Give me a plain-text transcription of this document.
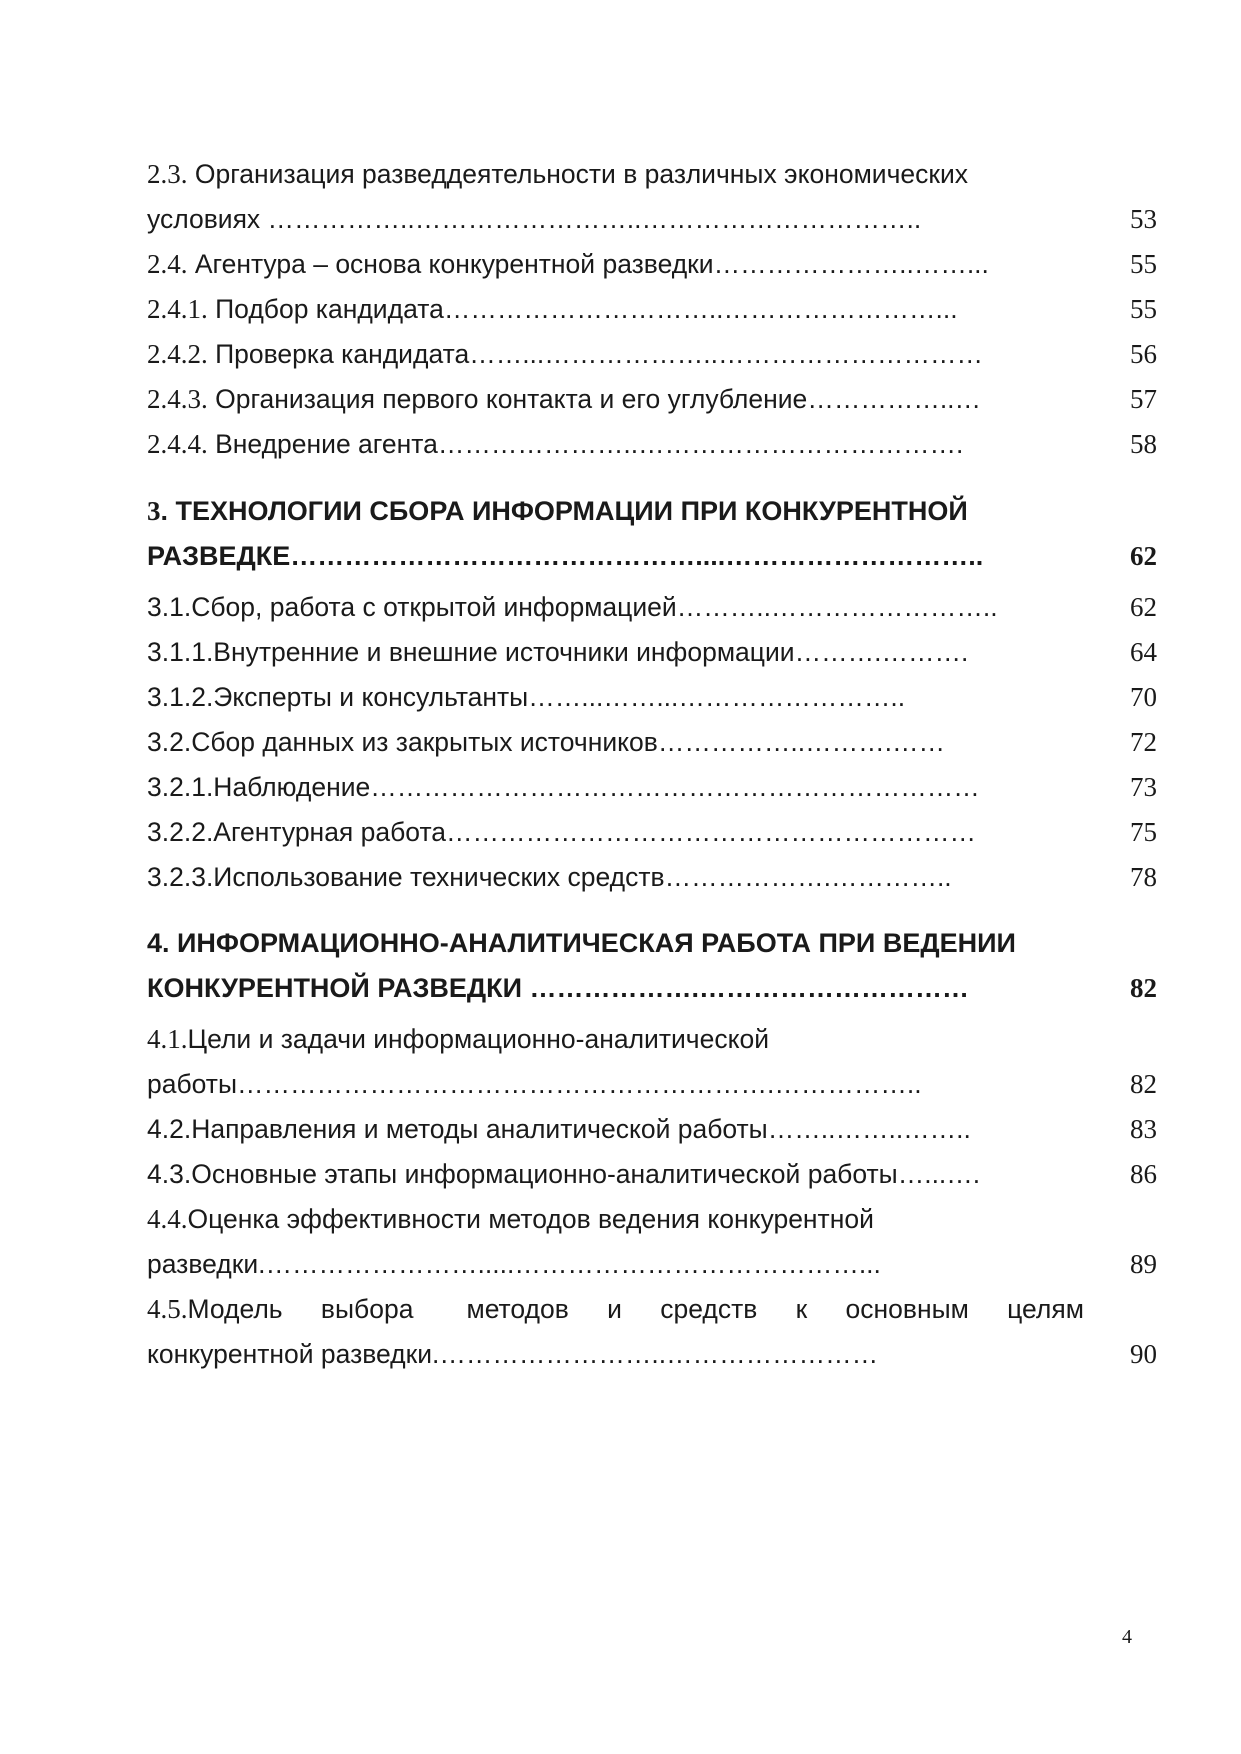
2.3. Организация разведдеятельности в различных экономических
условиях ……………..……………………..…………………………..	53
2.4. Агентура – основа конкурентной разведки…………………..……...	55
2.4.1. Подбор кандидата…………………………..……………………...	55
2.4.2. Проверка кандидата……...………………..…………………………	56
2.4.3. Организация первого контакта и его углубление……………..…	57
2.4.4. Внедрение агента…………………..……………………………….	58
3. ТЕХНОЛОГИИ СБОРА ИНФОРМАЦИИ ПРИ КОНКУРЕНТНОЙ
РАЗВЕДКЕ………………………………………....………………………..	62
3.1.Сбор, работа с открытой информацией………..……………………..	62
3.1.1.Внутренние и внешние источники информации……….……….	64
3.1.2.Эксперты и консультанты……...……...……………………..	70
3.2.Сбор данных из закрытых источников……………..……….……	72
3.2.1.Наблюдение……………………………………………………………	73
3.2.2.Агентурная работа……………………………………………………	75
3.2.3.Использование технических средств……………….…………..	78
4. ИНФОРМАЦИОННО-АНАЛИТИЧЕСКАЯ РАБОТА ПРИ ВЕДЕНИИ
КОНКУРЕНТНОЙ РАЗВЕДКИ ……………….…………………………	82
4.1.Цели и задачи информационно-аналитической
работы…………………………………………………….……………..	82
4.2.Направления и методы аналитической работы……..……..……..	83
4.3.Основные этапы информационно-аналитической работы…...….	86
4.4.Оценка эффективности методов ведения конкурентной
разведки.…………………….....…………………………………...	89
4.5.Модель выбора методов и средств к основным целям
конкурентной разведки.……………………..……………………	90
4
